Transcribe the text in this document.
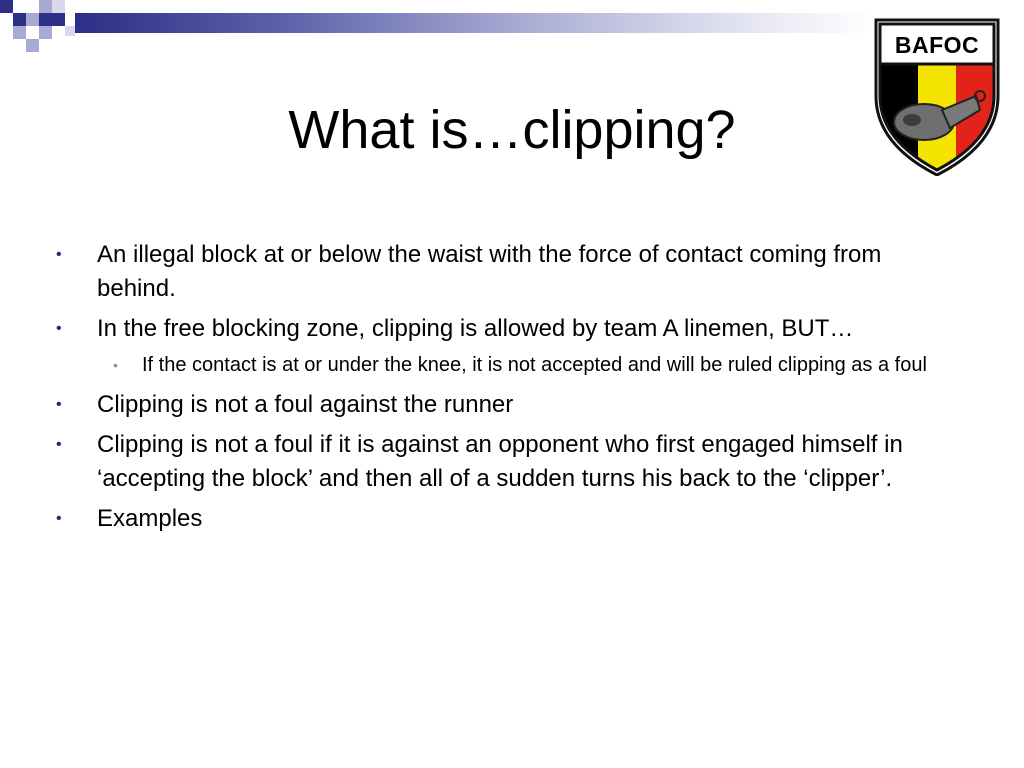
BAFOC
What is…clipping?
•	An illegal block at or below the waist with the force of contact coming from behind.
•	In the free blocking zone, clipping is allowed by team A linemen, BUT…
• If the contact is at or under the knee, it is not accepted and will be ruled clipping as a foul
•	Clipping is not a foul against the runner
•	Clipping is not a foul if it is against an opponent who first engaged himself in ‘accepting the block’ and then all of a sudden turns his back to the ‘clipper’.
•	Examples
